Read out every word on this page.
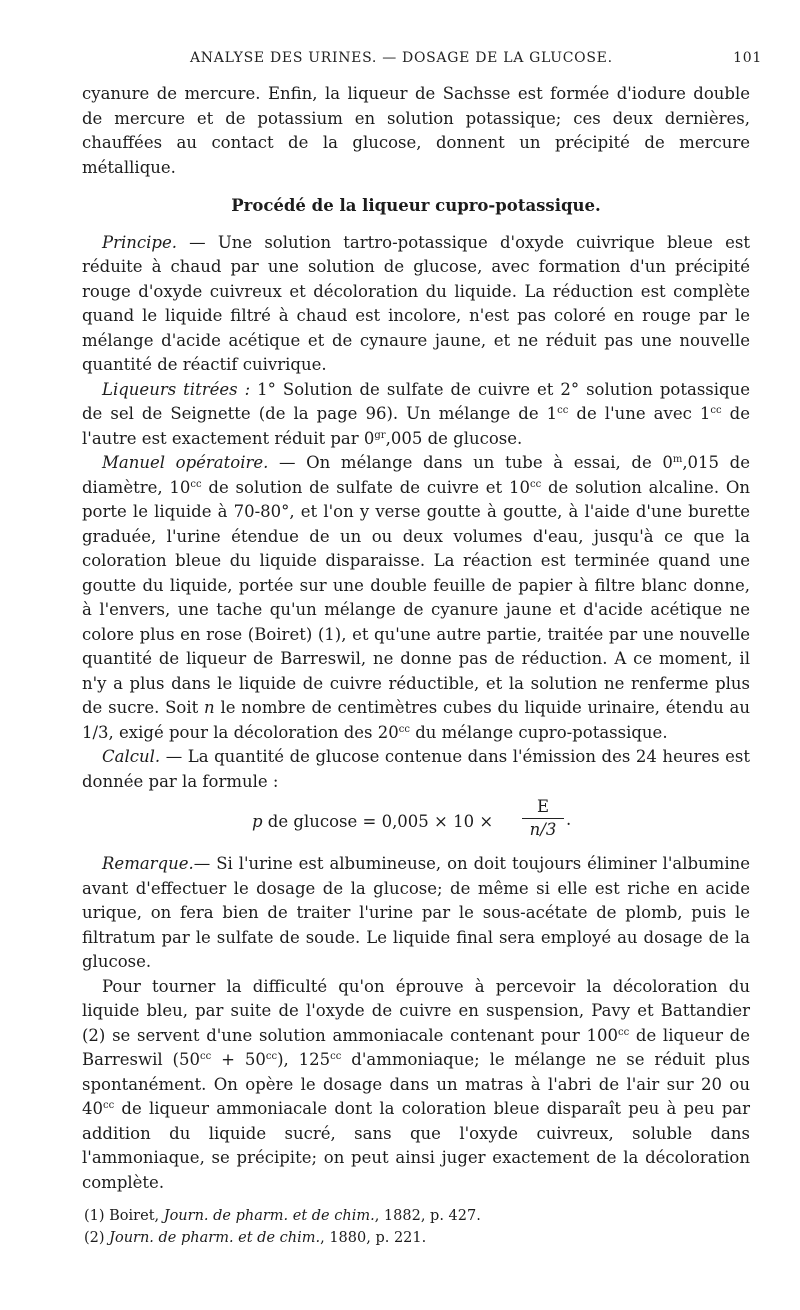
ANALYSE DES URINES. — DOSAGE DE LA GLUCOSE.	101

cyanure de mercure. Enfin, la liqueur de Sachsse est formée d'iodure double de mercure et de potassium en solution potassique; ces deux dernières, chauffées au contact de la glucose, donnent un précipité de mercure métallique.

Procédé de la liqueur cupro-potassique.

Principe. — Une solution tartro-potassique d'oxyde cuivrique bleue est réduite à chaud par une solution de glucose, avec formation d'un précipité rouge d'oxyde cuivreux et décoloration du liquide. La réduction est complète quand le liquide filtré à chaud est incolore, n'est pas coloré en rouge par le mélange d'acide acétique et de cynaure jaune, et ne réduit pas une nouvelle quantité de réactif cuivrique.

Liqueurs titrées : 1° Solution de sulfate de cuivre et 2° solution potassique de sel de Seignette (de la page 96). Un mélange de $1^{cc}$ de l'une avec $1^{cc}$ de l'autre est exactement réduit par $0^{gr},005$ de glucose.

Manuel opératoire. — On mélange dans un tube à essai, de 0$^m$,015 de diamètre, $10^{cc}$ de solution de sulfate de cuivre et $10^{cc}$ de solution alcaline. On porte le liquide à 70-80°, et l'on y verse goutte à goutte, à l'aide d'une burette graduée, l'urine étendue de un ou deux volumes d'eau, jusqu'à ce que la coloration bleue du liquide disparaisse. La réaction est terminée quand une goutte du liquide, portée sur une double feuille de papier à filtre blanc donne, à l'envers, une tache qu'un mélange de cyanure jaune et d'acide acétique ne colore plus en rose (Boiret) (1), et qu'une autre partie, traitée par une nouvelle quantité de liqueur de Barreswil, ne donne pas de réduction. A ce moment, il n'y a plus dans le liquide de cuivre réductible, et la solution ne renferme plus de sucre. Soit n le nombre de centimètres cubes du liquide urinaire, étendu au 1/3, exigé pour la décoloration des $20^{cc}$ du mélange cupro-potassique.

Calcul. — La quantité de glucose contenue dans l'émission des 24 heures est donnée par la formule :

p de $glucose = 0,005 \times 10 \times \frac{E}{n/3}$ .

Remarque.— Si l'urine est albumineuse, on doit toujours éliminer l'albumine avant d'effectuer le dosage de la glucose; de même si elle est riche en acide urique, on fera bien de traiter l'urine par le sous-acétate de plomb, puis le filtratum par le sulfate de soude. Le liquide final sera employé au dosage de la glucose.

Pour tourner la difficulté qu'on éprouve à percevoir la décoloration du liquide bleu, par suite de l'oxyde de cuivre en suspension, Pavy et Battandier (2) se servent d'une solution ammoniacale contenant pour $100^{cc}$ de liqueur de Barreswil $(50^{cc} + 50^{cc})$, $125^{cc}$ d'ammoniaque; le mélange ne se réduit plus spontanément. On opère le dosage dans un matras à l'abri de l'air sur 20 ou $40^{cc}$ de liqueur ammoniacale dont la coloration bleue disparaît peu à peu par addition du liquide sucré, sans que l'oxyde cuivreux, soluble dans l'ammoniaque, se précipite; on peut ainsi juger exactement de la décoloration complète.

(1) Boiret, Journ. de pharm. et de chim., 1882, p. 427.
(2) Journ. de pharm. et de chim., 1880, p. 221.
